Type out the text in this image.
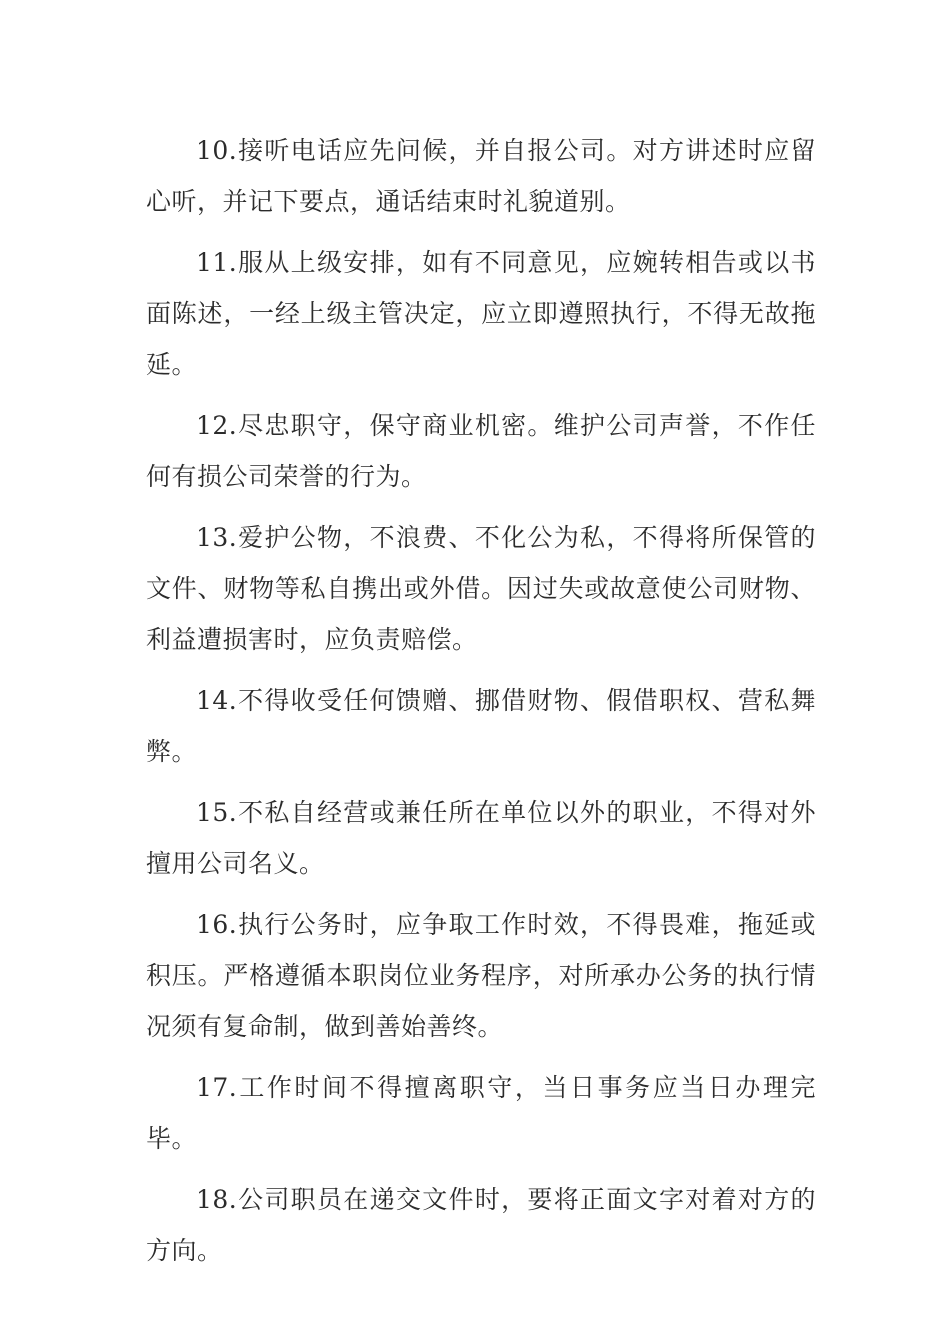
10.接听电话应先问候，并自报公司。对方讲述时应留心听，并记下要点，通话结束时礼貌道别。

11.服从上级安排，如有不同意见，应婉转相告或以书面陈述，一经上级主管决定，应立即遵照执行，不得无故拖延。

12.尽忠职守，保守商业机密。维护公司声誉，不作任何有损公司荣誉的行为。

13.爱护公物，不浪费、不化公为私，不得将所保管的文件、财物等私自携出或外借。因过失或故意使公司财物、利益遭损害时，应负责赔偿。

14.不得收受任何馈赠、挪借财物、假借职权、营私舞弊。

15.不私自经营或兼任所在单位以外的职业，不得对外擅用公司名义。

16.执行公务时，应争取工作时效，不得畏难，拖延或积压。严格遵循本职岗位业务程序，对所承办公务的执行情况须有复命制，做到善始善终。

17.工作时间不得擅离职守，当日事务应当日办理完毕。

18.公司职员在递交文件时，要将正面文字对着对方的方向。
